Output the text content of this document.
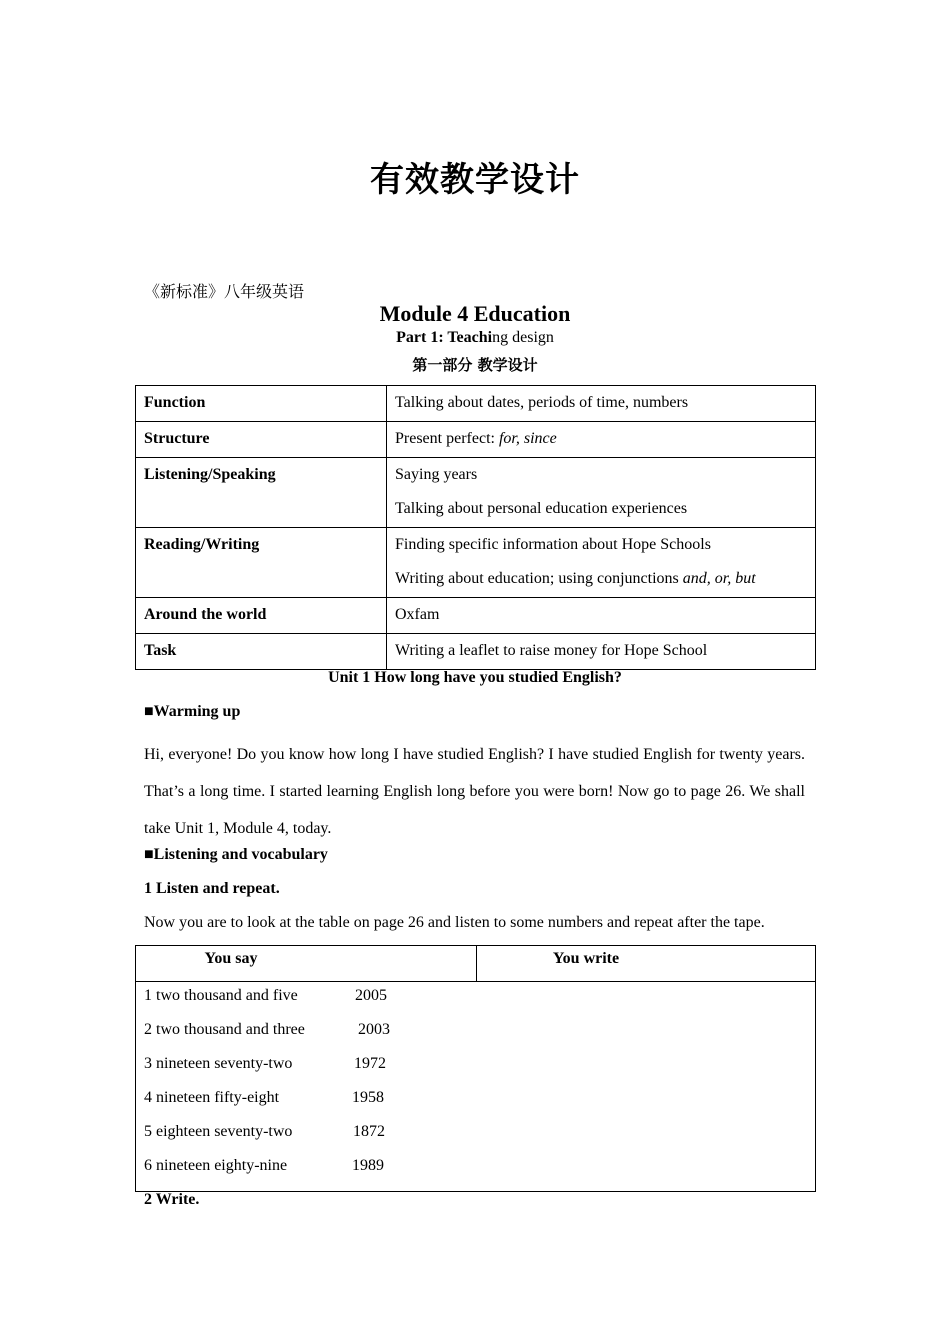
有效教学设计
《新标准》八年级英语
Module 4 Education
Part 1: Teaching design
第一部分 教学设计
Function	Talking about dates, periods of time, numbers

Structure	Present perfect: for, since

Listening/Speaking	Saying years
Talking about personal education experiences

Reading/Writing	Finding specific information about Hope Schools
Writing about education; using conjunctions and, or, but

Around the world	Oxfam

Task	Writing a leaflet to raise money for Hope School
Unit 1 How long have you studied English?
■Warming up
Hi, everyone! Do you know how long I have studied English? I have studied English for twenty years. That’s a long time. I started learning English long before you were born! Now go to page 26. We shall take Unit 1, Module 4, today.
■Listening and vocabulary
1 Listen and repeat.
Now you are to look at the table on page 26 and listen to some numbers and repeat after the tape.
You say	You write

1 two thousand and five	2005
2 two thousand and three	2003
3 nineteen seventy-two	1972
4 nineteen fifty-eight	1958
5 eighteen seventy-two	1872
6 nineteen eighty-nine	1989
2 Write.
